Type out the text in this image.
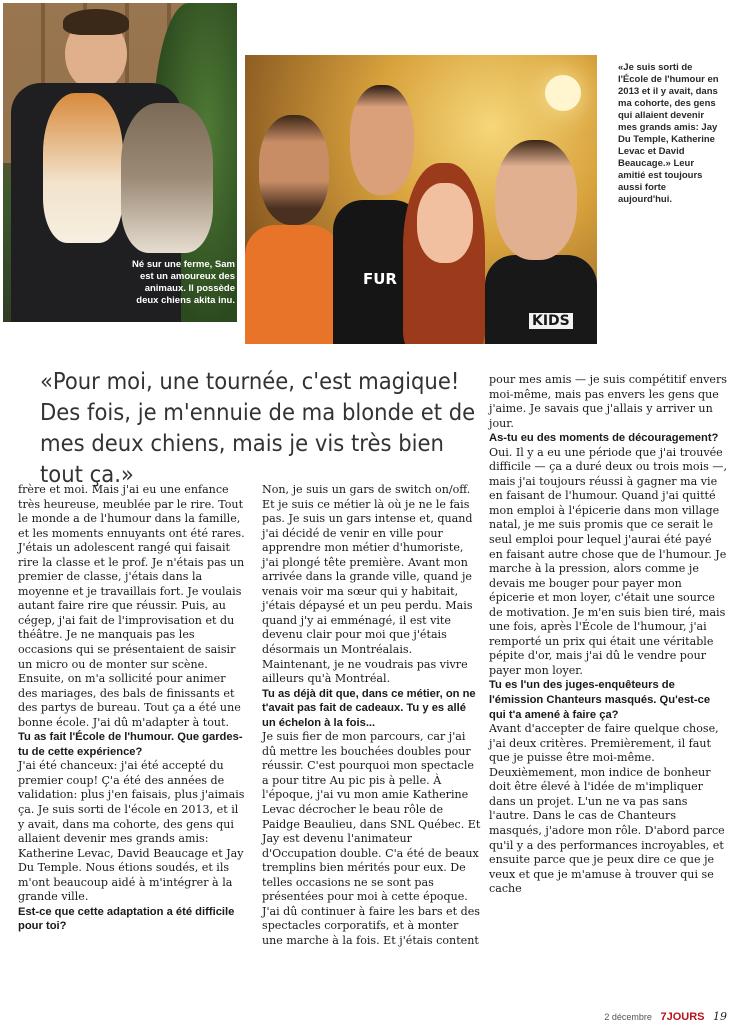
Né sur une ferme, Sam est un amoureux des animaux. Il possède deux chiens akita inu.
FUR
KIDS
«Je suis sorti de l'École de l'humour en 2013 et il y avait, dans ma cohorte, des gens qui allaient devenir mes grands amis: Jay Du Temple, Katherine Levac et David Beaucage.» Leur amitié est toujours aussi forte aujourd'hui.
«Pour moi, une tournée, c'est magique! Des fois, je m'ennuie de ma blonde et de mes deux chiens, mais je vis très bien tout ça.»

frère et moi. Mais j'ai eu une enfance très heureuse, meublée par le rire. Tout le monde a de l'humour dans la famille, et les moments ennuyants ont été rares. J'étais un adolescent rangé qui faisait rire la classe et le prof. Je n'étais pas un premier de classe, j'étais dans la moyenne et je travaillais fort. Je voulais autant faire rire que réussir. Puis, au cégep, j'ai fait de l'improvisation et du théâtre. Je ne manquais pas les occasions qui se présentaient de saisir un micro ou de monter sur scène. Ensuite, on m'a sollicité pour animer des mariages, des bals de finissants et des partys de bureau. Tout ça a été une bonne école. J'ai dû m'adapter à tout.

Tu as fait l'École de l'humour. Que gardes-tu de cette expérience?

J'ai été chanceux: j'ai été accepté du premier coup! Ç'a été des années de validation: plus j'en faisais, plus j'aimais ça. Je suis sorti de l'école en 2013, et il y avait, dans ma cohorte, des gens qui allaient devenir mes grands amis: Katherine Levac, David Beaucage et Jay Du Temple. Nous étions soudés, et ils m'ont beaucoup aidé à m'intégrer à la grande ville.

Est-ce que cette adaptation a été difficile pour toi?

Non, je suis un gars de switch on/off. Et je suis ce métier là où je ne le fais pas. Je suis un gars intense et, quand j'ai décidé de venir en ville pour apprendre mon métier d'humoriste, j'ai plongé tête première. Avant mon arrivée dans la grande ville, quand je venais voir ma sœur qui y habitait, j'étais dépaysé et un peu perdu. Mais quand j'y ai emménagé, il est vite devenu clair pour moi que j'étais désormais un Montréalais. Maintenant, je ne voudrais pas vivre ailleurs qu'à Montréal.

Tu as déjà dit que, dans ce métier, on ne t'avait pas fait de cadeaux. Tu y es allé un échelon à la fois...

Je suis fier de mon parcours, car j'ai dû mettre les bouchées doubles pour réussir. C'est pourquoi mon spectacle a pour titre Au pic pis à pelle. À l'époque, j'ai vu mon amie Katherine Levac décrocher le beau rôle de Paidge Beaulieu, dans SNL Québec. Et Jay est devenu l'animateur d'Occupation double. C'a été de beaux tremplins bien mérités pour eux. De telles occasions ne se sont pas présentées pour moi à cette époque. J'ai dû continuer à faire les bars et des spectacles corporatifs, et à monter une marche à la fois. Et j'étais content

pour mes amis — je suis compétitif envers moi-même, mais pas envers les gens que j'aime. Je savais que j'allais y arriver un jour.

As-tu eu des moments de découragement?

Oui. Il y a eu une période que j'ai trouvée difficile — ça a duré deux ou trois mois —, mais j'ai toujours réussi à gagner ma vie en faisant de l'humour. Quand j'ai quitté mon emploi à l'épicerie dans mon village natal, je me suis promis que ce serait le seul emploi pour lequel j'aurai été payé en faisant autre chose que de l'humour. Je marche à la pression, alors comme je devais me bouger pour payer mon épicerie et mon loyer, c'était une source de motivation. Je m'en suis bien tiré, mais une fois, après l'École de l'humour, j'ai remporté un prix qui était une véritable pépite d'or, mais j'ai dû le vendre pour payer mon loyer.

Tu es l'un des juges-enquêteurs de l'émission Chanteurs masqués. Qu'est-ce qui t'a amené à faire ça?

Avant d'accepter de faire quelque chose, j'ai deux critères. Premièrement, il faut que je puisse être moi-même. Deuxièmement, mon indice de bonheur doit être élevé à l'idée de m'impliquer dans un projet. L'un ne va pas sans l'autre. Dans le cas de Chanteurs masqués, j'adore mon rôle. D'abord parce qu'il y a des performances incroyables, et ensuite parce que je peux dire ce que je veux et que je m'amuse à trouver qui se cache

2 décembre 7JOURS 19
